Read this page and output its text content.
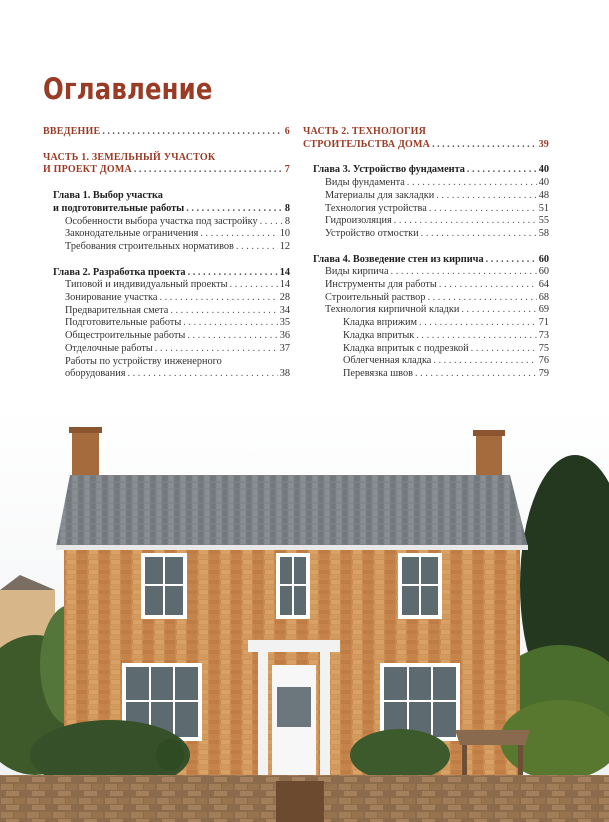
Оглавление
ВВЕДЕНИЕ . . .	6
ЧАСТЬ 1. ЗЕМЕЛЬНЫЙ УЧАСТОК
И ПРОЕКТ ДОМА . . .	7
Глава 1. Выбор участка
и подготовительные работы . . .	8
Особенности выбора участка под застройку . . .	8
Законодательные ограничения . . .	10
Требования строительных нормативов . . .	12
Глава 2. Разработка проекта . . .	14
Типовой и индивидуальный проекты . . .	14
Зонирование участка . . .	28
Предварительная смета . . .	34
Подготовительные работы . . .	35
Общестроительные работы . . .	36
Отделочные работы . . .	37
Работы по устройству инженерного
оборудования . . .	38
ЧАСТЬ 2. ТЕХНОЛОГИЯ
СТРОИТЕЛЬСТВА ДОМА . . .	39
Глава 3. Устройство фундамента . . .	40
Виды фундамента . . .	40
Материалы для закладки . . .	48
Технология устройства . . .	51
Гидроизоляция . . .	55
Устройство отмостки . . .	58
Глава 4. Возведение стен из кирпича . . .	60
Виды кирпича . . .	60
Инструменты для работы . . .	64
Строительный раствор . . .	68
Технология кирпичной кладки . . .	69
Кладка вприжим . . .	71
Кладка впритык . . .	73
Кладка впритык с подрезкой . . .	75
Облегченная кладка . . .	76
Перевязка швов . . .	79
